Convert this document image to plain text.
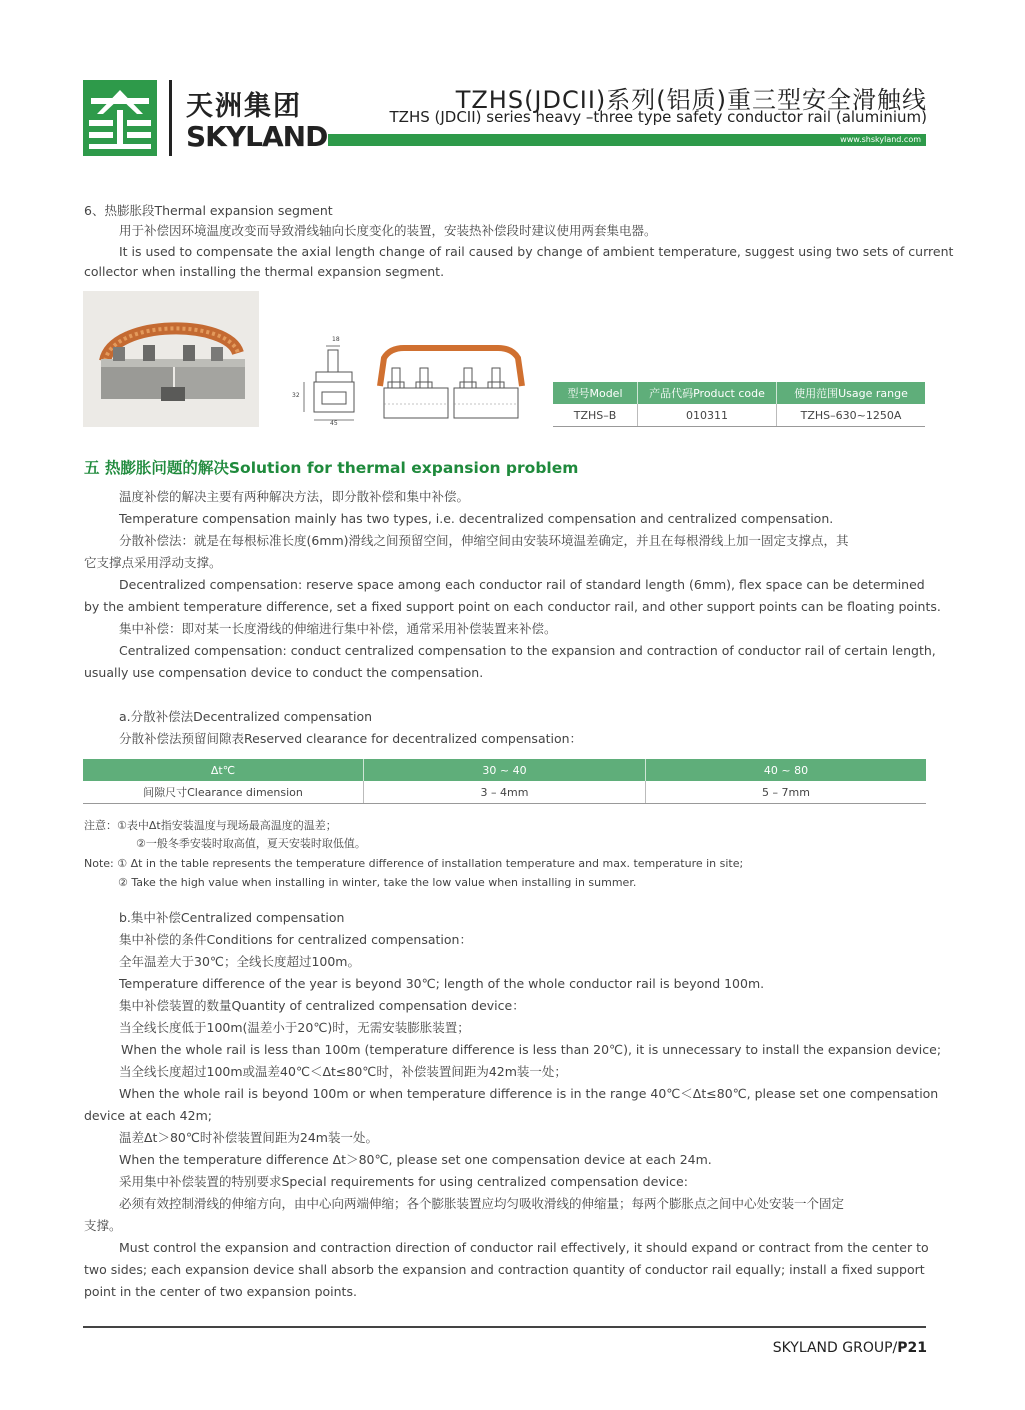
天洲集团
SKYLAND
TZHS(JDCII)系列(铝质)重三型安全滑触线
TZHS (JDCII) series heavy –three type safety conductor rail (aluminium)
www.shskyland.com
6、热膨胀段Thermal expansion segment
用于补偿因环境温度改变而导致滑线轴向长度变化的装置，安装热补偿段时建议使用两套集电器。
It is used to compensate the axial length change of rail caused by change of ambient temperature, suggest using two sets of current
collector when installing the thermal expansion segment.
18
32
45
型号Model	产品代码Product code	使用范围Usage range
TZHS–B	010311	TZHS–630~1250A
五 热膨胀问题的解决Solution for thermal expansion problem
温度补偿的解决主要有两种解决方法，即分散补偿和集中补偿。
Temperature compensation mainly has two types, i.e. decentralized compensation and centralized compensation.
分散补偿法：就是在每根标准长度(6mm)滑线之间预留空间，伸缩空间由安装环境温差确定，并且在每根滑线上加一固定支撑点，其
它支撑点采用浮动支撑。
Decentralized compensation: reserve space among each conductor rail of standard length (6mm), flex space can be determined
by the ambient temperature difference, set a fixed support point on each conductor rail, and other support points can be floating points.
集中补偿：即对某一长度滑线的伸缩进行集中补偿，通常采用补偿装置来补偿。
Centralized compensation: conduct centralized compensation to the expansion and contraction of conductor rail of certain length,
usually use compensation device to conduct the compensation.
a.分散补偿法Decentralized compensation
分散补偿法预留间隙表Reserved clearance for decentralized compensation：
Δt℃	30 ~ 40	40 ~ 80
间隙尺寸Clearance dimension	3 – 4mm	5 – 7mm
注意：①表中Δt指安装温度与现场最高温度的温差；
②一般冬季安装时取高值，夏天安装时取低值。
Note: ① Δt in the table represents the temperature difference of installation temperature and max. temperature in site;
② Take the high value when installing in winter, take the low value when installing in summer.
b.集中补偿Centralized compensation
集中补偿的条件Conditions for centralized compensation：
全年温差大于30℃；全线长度超过100m。
Temperature difference of the year is beyond 30℃; length of the whole conductor rail is beyond 100m.
集中补偿装置的数量Quantity of centralized compensation device：
当全线长度低于100m(温差小于20℃)时，无需安装膨胀装置；
When the whole rail is less than 100m (temperature difference is less than 20℃), it is unnecessary to install the expansion device;
当全线长度超过100m或温差40℃＜Δt≤80℃时，补偿装置间距为42m装一处；
When the whole rail is beyond 100m or when temperature difference is in the range 40℃＜Δt≤80℃, please set one compensation
device at each 42m;
温差Δt＞80℃时补偿装置间距为24m装一处。
When the temperature difference Δt＞80℃, please set one compensation device at each 24m.
采用集中补偿装置的特别要求Special requirements for using centralized compensation device:
必须有效控制滑线的伸缩方向，由中心向两端伸缩；各个膨胀装置应均匀吸收滑线的伸缩量；每两个膨胀点之间中心处安装一个固定
支撑。
Must control the expansion and contraction direction of conductor rail effectively, it should expand or contract from the center to
two sides; each expansion device shall absorb the expansion and contraction quantity of conductor rail equally; install a fixed support
point in the center of two expansion points.
SKYLAND GROUP/P21
